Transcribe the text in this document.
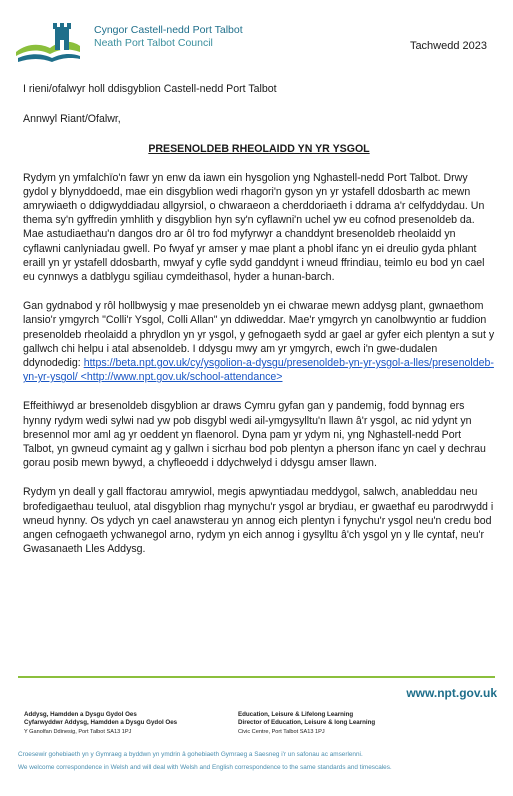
Cyngor Castell-nedd Port Talbot
Neath Port Talbot Council	Tachwedd 2023

I rieni/ofalwyr holl ddisgyblion Castell-nedd Port Talbot

Annwyl Riant/Ofalwr,

PRESENOLDEB RHEOLAIDD YN YR YSGOL

Rydym yn ymfalchïo'n fawr yn enw da iawn ein hysgolion yng Nghastell-nedd Port Talbot. Drwy gydol y blynyddoedd, mae ein disgyblion wedi rhagori'n gyson yn yr ystafell ddosbarth ac mewn amrywiaeth o ddigwyddiadau allgyrsiol, o chwaraeon a cherddoriaeth i ddrama a'r celfyddydau. Un thema sy'n gyffredin ymhlith y disgyblion hyn sy'n cyflawni'n uchel yw eu cofnod presenoldeb da. Mae astudiaethau'n dangos dro ar ôl tro fod myfyrwyr a chanddynt bresenoldeb rheolaidd yn cyflawni canlyniadau gwell. Po fwyaf yr amser y mae plant a phobl ifanc yn ei dreulio gyda phlant eraill yn yr ystafell ddosbarth, mwyaf y cyfle sydd ganddynt i wneud ffrindiau, teimlo eu bod yn cael eu cynnwys a datblygu sgiliau cymdeithasol, hyder a hunan-barch.

Gan gydnabod y rôl hollbwysig y mae presenoldeb yn ei chwarae mewn addysg plant, gwnaethom lansio'r ymgyrch "Colli'r Ysgol, Colli Allan" yn ddiweddar. Mae'r ymgyrch yn canolbwyntio ar fuddion presenoldeb rheolaidd a phrydlon yn yr ysgol, y gefnogaeth sydd ar gael ar gyfer eich plentyn a sut y gallwch chi helpu i atal absenoldeb. I ddysgu mwy am yr ymgyrch, ewch i'n gwe-dudalen ddynodedig: https://beta.npt.gov.uk/cy/ysgolion-a-dysgu/presenoldeb-yn-yr-ysgol-a-lles/presenoldeb-yn-yr-ysgol/ <http://www.npt.gov.uk/school-attendance>

Effeithiwyd ar bresenoldeb disgyblion ar draws Cymru gyfan gan y pandemig, fodd bynnag ers hynny rydym wedi sylwi nad yw pob disgybl wedi ail-ymgysylltu'n llawn â'r ysgol, ac nid ydynt yn bresennol mor aml ag yr oeddent yn flaenorol. Dyna pam yr ydym ni, yng Nghastell-nedd Port Talbot, yn gwneud cymaint ag y gallwn i sicrhau bod pob plentyn a pherson ifanc yn cael y dechrau gorau posib mewn bywyd, a chyfleoedd i ddychwelyd i ddysgu amser llawn.

Rydym yn deall y gall ffactorau amrywiol, megis apwyntiadau meddygol, salwch, anableddau neu brofedigaethau teuluol, atal disgyblion rhag mynychu'r ysgol ar brydiau, er gwaethaf eu parodrwydd i wneud hynny. Os ydych yn cael anawsterau yn annog eich plentyn i fynychu'r ysgol neu'n credu bod angen cefnogaeth ychwanegol arno, rydym yn eich annog i gysylltu â'ch ysgol yn y lle cyntaf, neu'r Gwasanaeth Lles Addysg.

www.npt.gov.uk
Addysg, Hamdden a Dysgu Gydol Oes
Cyfarwyddwr Addysg, Hamdden a Dysgu Gydol Oes
Y Ganolfan Ddinesig, Port Talbot SA13 1PJ
Education, Leisure & Lifelong Learning
Director of Education, Leisure & long Learning
Civic Centre, Port Talbot SA13 1PJ
Croesewir gohebiaeth yn y Gymraeg a byddwn yn ymdrin â gohebiaeth Gymraeg a Saesneg i'r un safonau ac amserlenni.
We welcome correspondence in Welsh and will deal with Welsh and English correspondence to the same standards and timescales.
